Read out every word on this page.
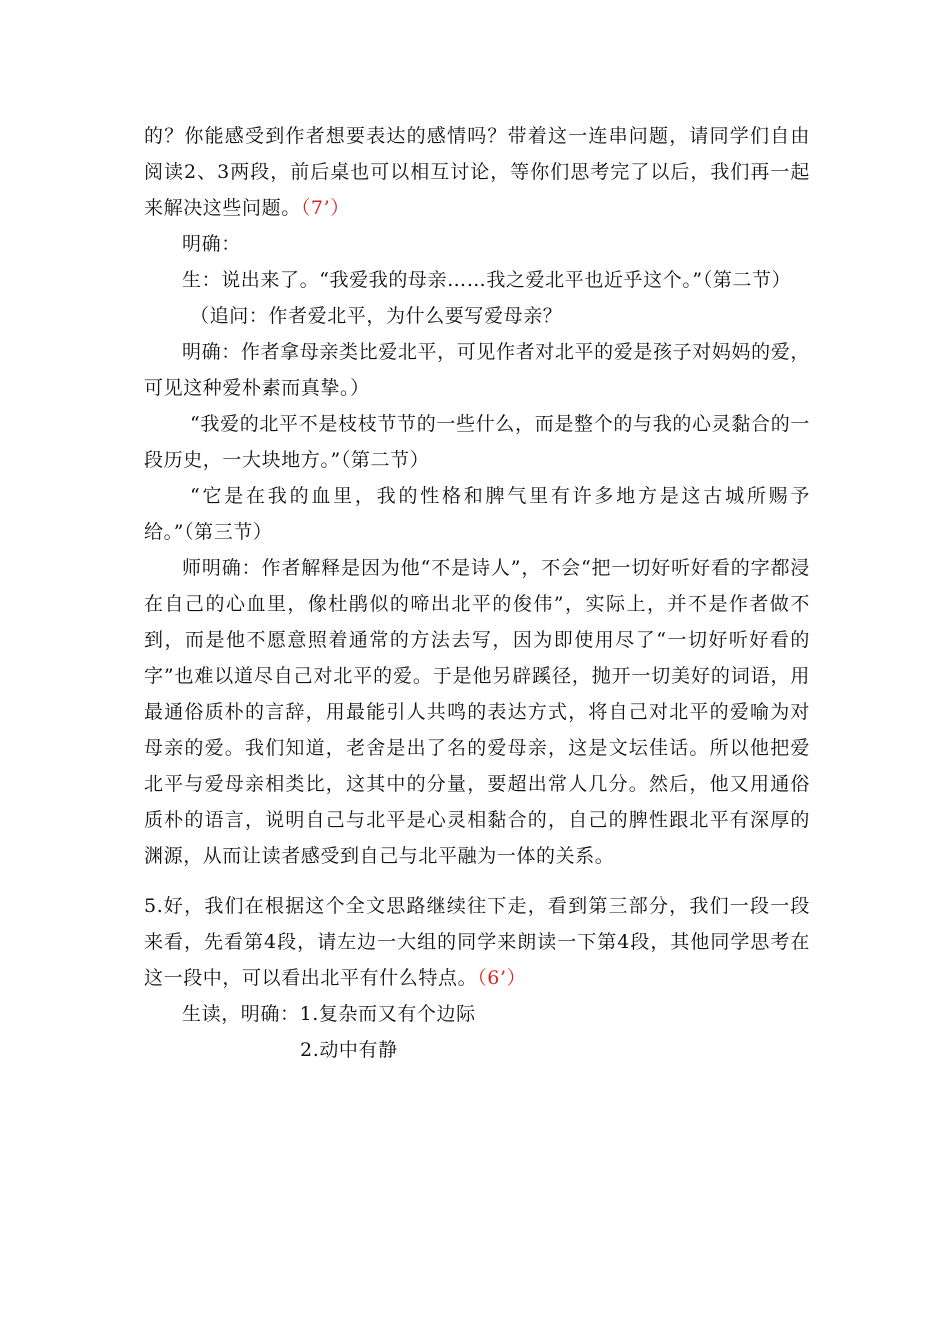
的？你能感受到作者想要表达的感情吗？带着这一连串问题，请同学们自由阅读2、3两段，前后桌也可以相互讨论，等你们思考完了以后，我们再一起来解决这些问题。（7’）

明确：

生：说出来了。“我爱我的母亲……我之爱北平也近乎这个。”（第二节）

（追问：作者爱北平，为什么要写爱母亲？

明确：作者拿母亲类比爱北平，可见作者对北平的爱是孩子对妈妈的爱，可见这种爱朴素而真挚。）

“我爱的北平不是枝枝节节的一些什么，而是整个的与我的心灵黏合的一段历史，一大块地方。”（第二节）

“它是在我的血里，我的性格和脾气里有许多地方是这古城所赐予给。”（第三节）

师明确：作者解释是因为他“不是诗人”，不会“把一切好听好看的字都浸在自己的心血里，像杜鹃似的啼出北平的俊伟”，实际上，并不是作者做不到，而是他不愿意照着通常的方法去写，因为即使用尽了“一切好听好看的字”也难以道尽自己对北平的爱。于是他另辟蹊径，抛开一切美好的词语，用最通俗质朴的言辞，用最能引人共鸣的表达方式，将自己对北平的爱喻为对母亲的爱。我们知道，老舍是出了名的爱母亲，这是文坛佳话。所以他把爱北平与爱母亲相类比，这其中的分量，要超出常人几分。然后，他又用通俗质朴的语言，说明自己与北平是心灵相黏合的，自己的脾性跟北平有深厚的渊源，从而让读者感受到自己与北平融为一体的关系。

5.好，我们在根据这个全文思路继续往下走，看到第三部分，我们一段一段来看，先看第4段，请左边一大组的同学来朗读一下第4段，其他同学思考在这一段中，可以看出北平有什么特点。（6’）

生读，明确：1.复杂而又有个边际

2.动中有静
